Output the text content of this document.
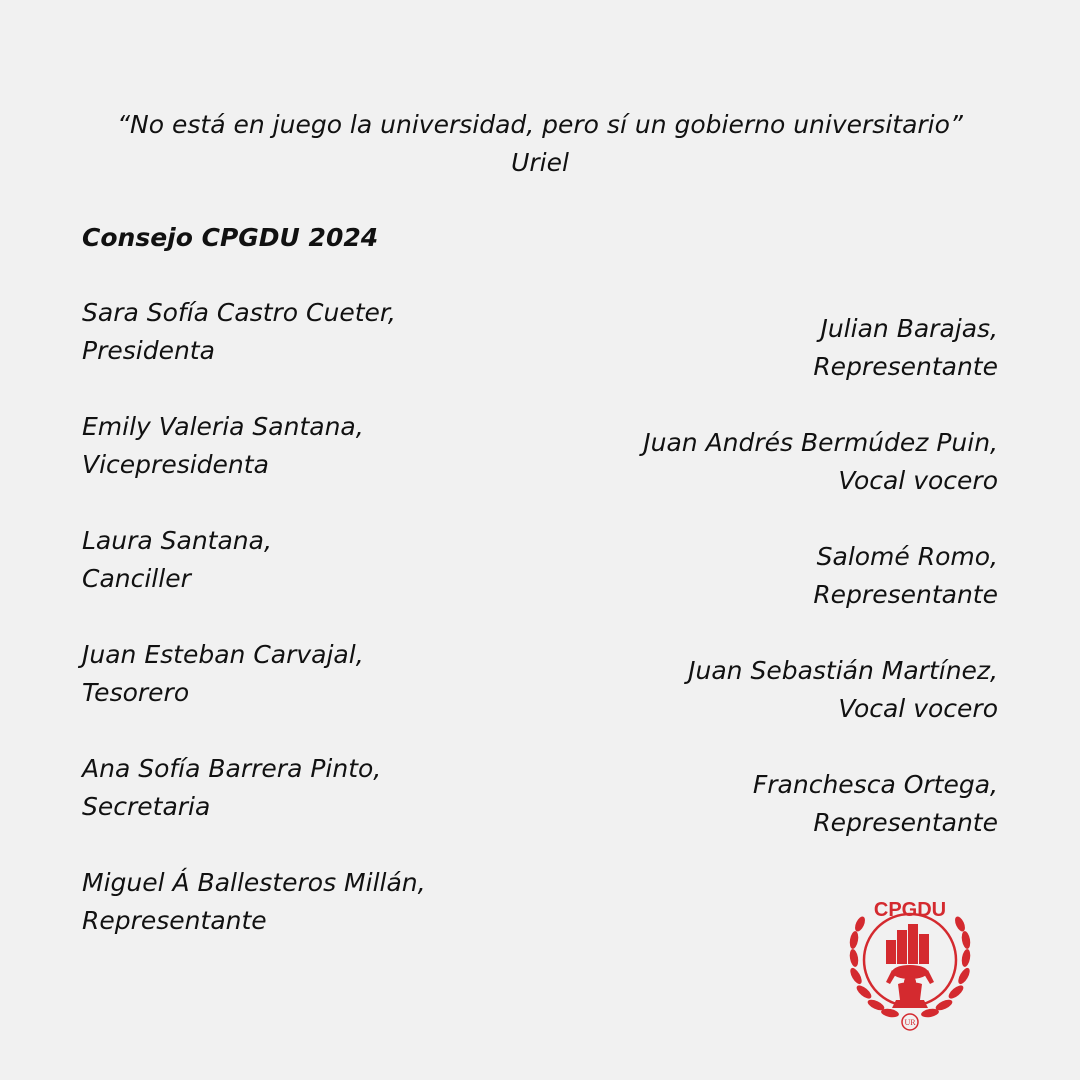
“No está en juego la universidad, pero sí un gobierno universitario”
Uriel
Consejo CPGDU 2024
Sara Sofía Castro Cueter,
Presidenta
Emily Valeria Santana,
Vicepresidenta
Laura Santana,
Canciller
Juan Esteban Carvajal,
Tesorero
Ana Sofía Barrera Pinto,
Secretaria
Miguel Á Ballesteros Millán,
Representante
Julian Barajas,
Representante
Juan Andrés Bermúdez Puin,
Vocal vocero
Salomé Romo,
Representante
Juan Sebastián Martínez,
Vocal vocero
Franchesca Ortega,
Representante
CPGDU
UR
